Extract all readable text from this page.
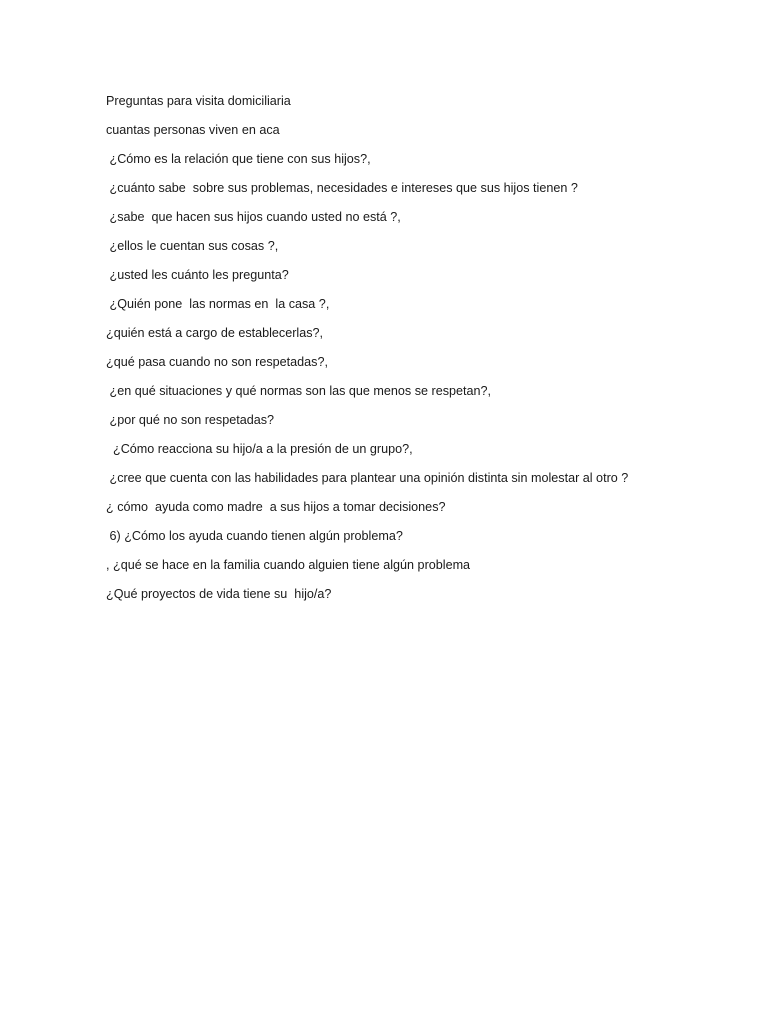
Preguntas para visita domiciliaria
cuantas personas viven en aca
¿Cómo es la relación que tiene con sus hijos?,
¿cuánto sabe  sobre sus problemas, necesidades e intereses que sus hijos tienen ?
¿sabe  que hacen sus hijos cuando usted no está ?,
¿ellos le cuentan sus cosas ?,
¿usted les cuánto les pregunta?
¿Quién pone  las normas en  la casa ?,
¿quién está a cargo de establecerlas?,
¿qué pasa cuando no son respetadas?,
¿en qué situaciones y qué normas son las que menos se respetan?,
¿por qué no son respetadas?
¿Cómo reacciona su hijo/a a la presión de un grupo?,
¿cree que cuenta con las habilidades para plantear una opinión distinta sin molestar al otro ?
¿ cómo  ayuda como madre  a sus hijos a tomar decisiones?
6) ¿Cómo los ayuda cuando tienen algún problema?
, ¿qué se hace en la familia cuando alguien tiene algún problema
¿Qué proyectos de vida tiene su  hijo/a?
